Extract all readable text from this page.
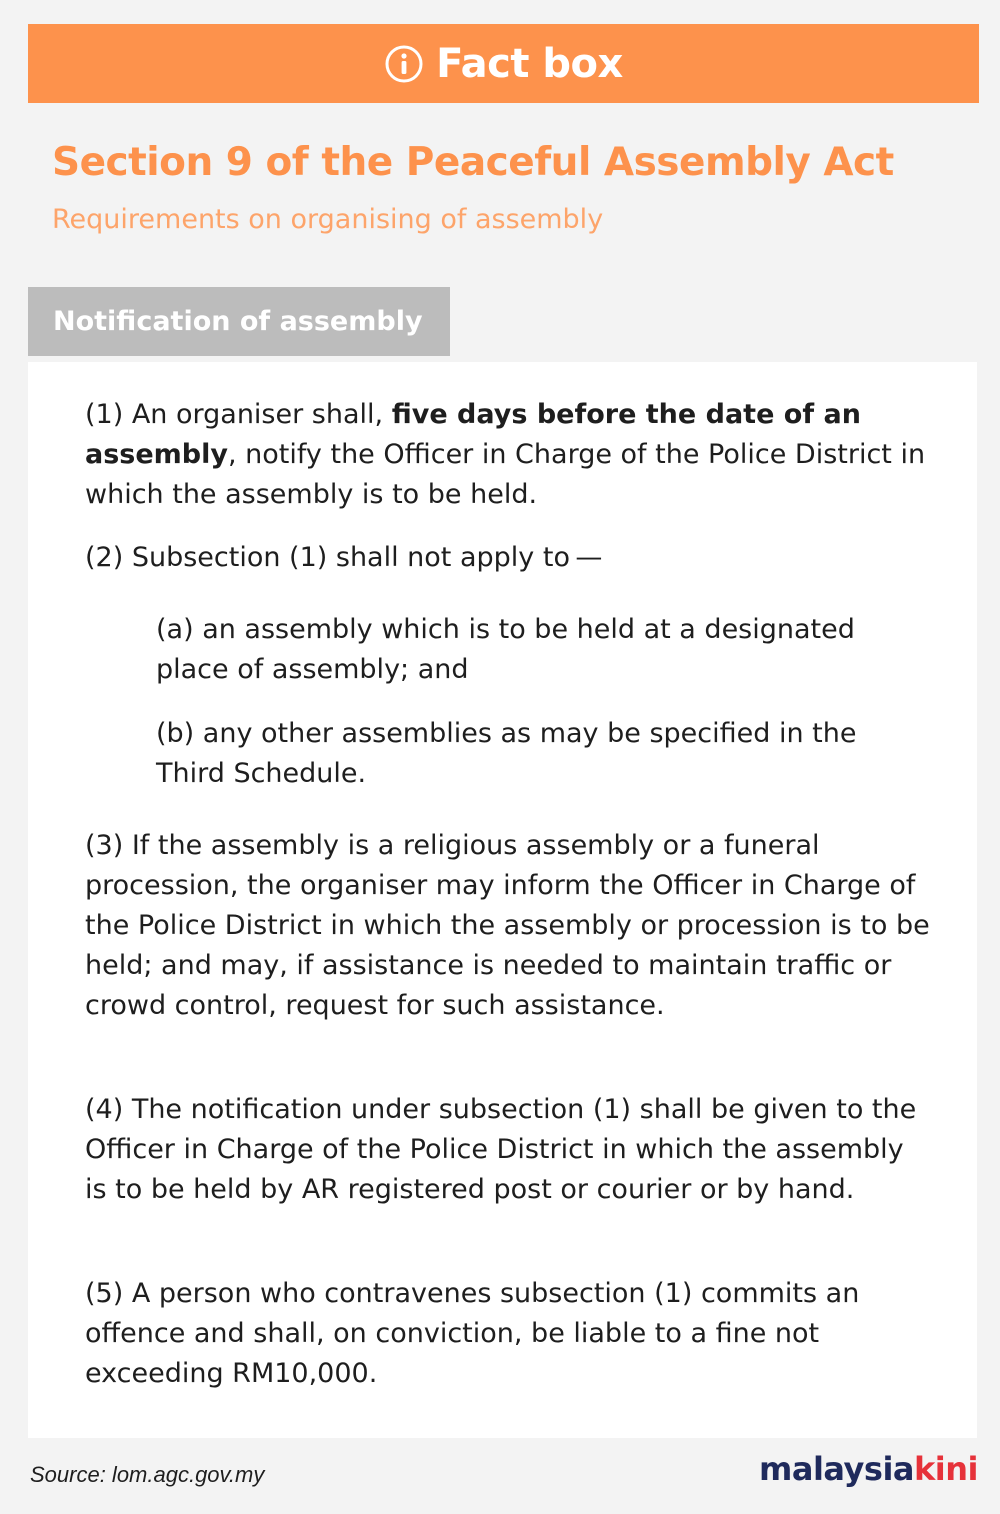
Fact box
Section 9 of the Peaceful Assembly Act
Requirements on organising of assembly
Notification of assembly

(1) An organiser shall, five days before the date of an assembly, notify the Officer in Charge of the Police District in which the assembly is to be held.

(2) Subsection (1) shall not apply to —

(a) an assembly which is to be held at a designated place of assembly; and

(b) any other assemblies as may be specified in the Third Schedule.

(3) If the assembly is a religious assembly or a funeral procession, the organiser may inform the Officer in Charge of the Police District in which the assembly or procession is to be held; and may, if assistance is needed to maintain traffic or crowd control, request for such assistance.

(4) The notification under subsection (1) shall be given to the Officer in Charge of the Police District in which the assembly is to be held by AR registered post or courier or by hand.

(5) A person who contravenes subsection (1) commits an offence and shall, on conviction, be liable to a fine not exceeding RM10,000.

Source: lom.agc.gov.my	malaysiakini
